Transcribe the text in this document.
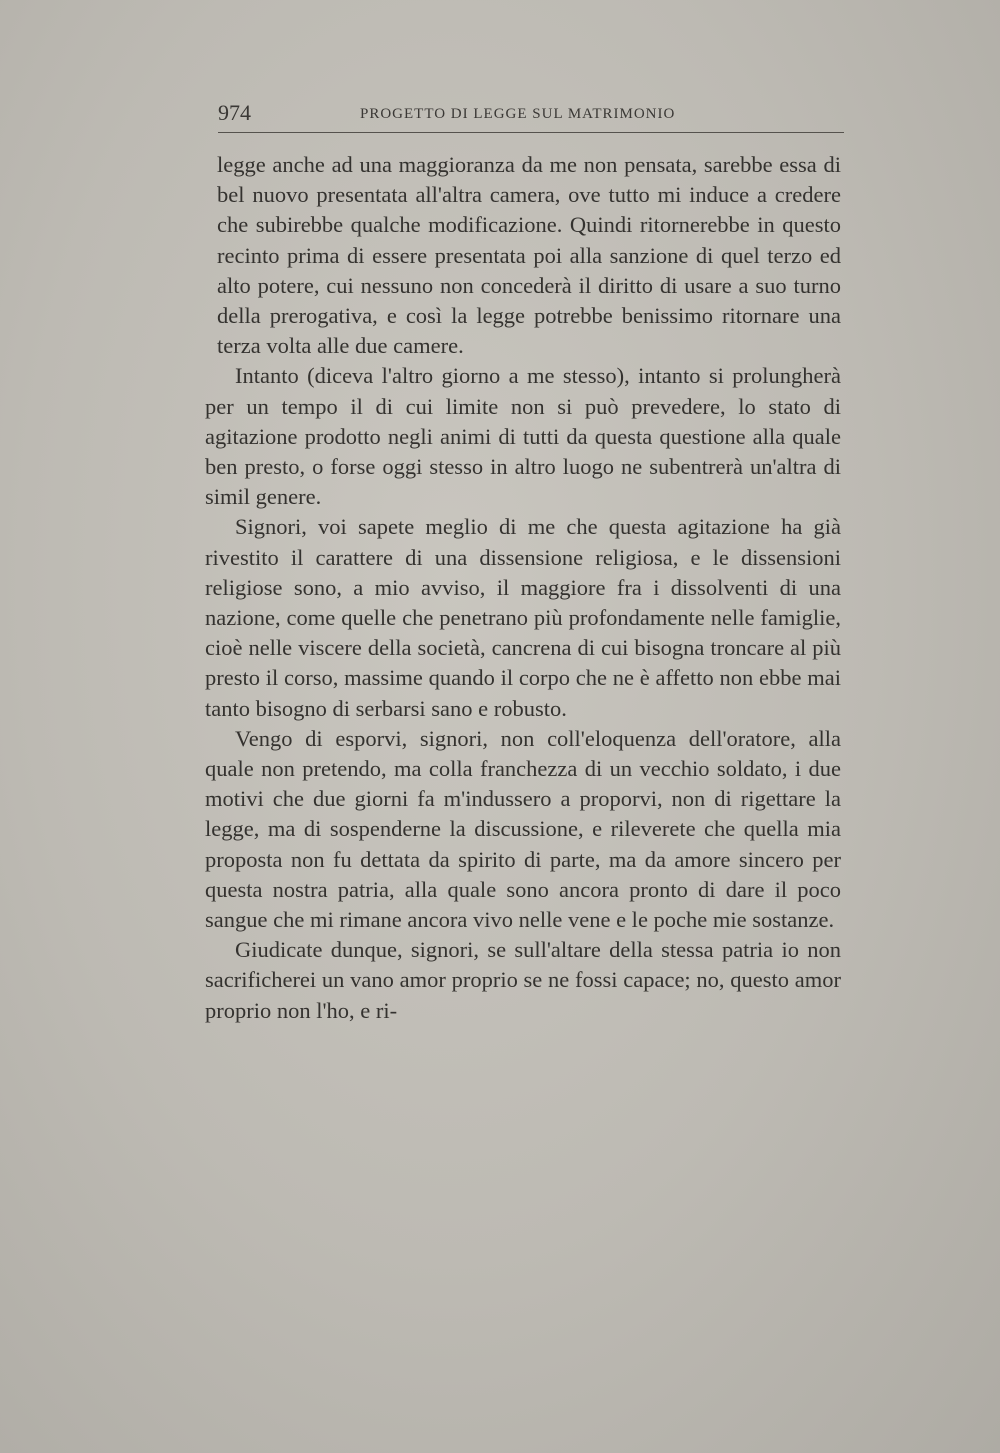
974	PROGETTO DI LEGGE SUL MATRIMONIO

legge anche ad una maggioranza da me non pensata, sarebbe essa di bel nuovo presentata all'altra camera, ove tutto mi induce a credere che subirebbe qualche modificazione. Quindi ritornerebbe in questo recinto prima di essere presentata poi alla sanzione di quel terzo ed alto potere, cui nessuno non concederà il diritto di usare a suo turno della prerogativa, e così la legge potrebbe benissimo ritornare una terza volta alle due camere.

Intanto (diceva l'altro giorno a me stesso), intanto si prolungherà per un tempo il di cui limite non si può prevedere, lo stato di agitazione prodotto negli animi di tutti da questa questione alla quale ben presto, o forse oggi stesso in altro luogo ne subentrerà un'altra di simil genere.

Signori, voi sapete meglio di me che questa agitazione ha già rivestito il carattere di una dissensione religiosa, e le dissensioni religiose sono, a mio avviso, il maggiore fra i dissolventi di una nazione, come quelle che penetrano più profondamente nelle famiglie, cioè nelle viscere della società, cancrena di cui bisogna troncare al più presto il corso, massime quando il corpo che ne è affetto non ebbe mai tanto bisogno di serbarsi sano e robusto.

Vengo di esporvi, signori, non coll'eloquenza dell'oratore, alla quale non pretendo, ma colla franchezza di un vecchio soldato, i due motivi che due giorni fa m'indussero a proporvi, non di rigettare la legge, ma di sospenderne la discussione, e rileverete che quella mia proposta non fu dettata da spirito di parte, ma da amore sincero per questa nostra patria, alla quale sono ancora pronto di dare il poco sangue che mi rimane ancora vivo nelle vene e le poche mie sostanze.

Giudicate dunque, signori, se sull'altare della stessa patria io non sacrificherei un vano amor proprio se ne fossi capace; no, questo amor proprio non l'ho, e ri-
